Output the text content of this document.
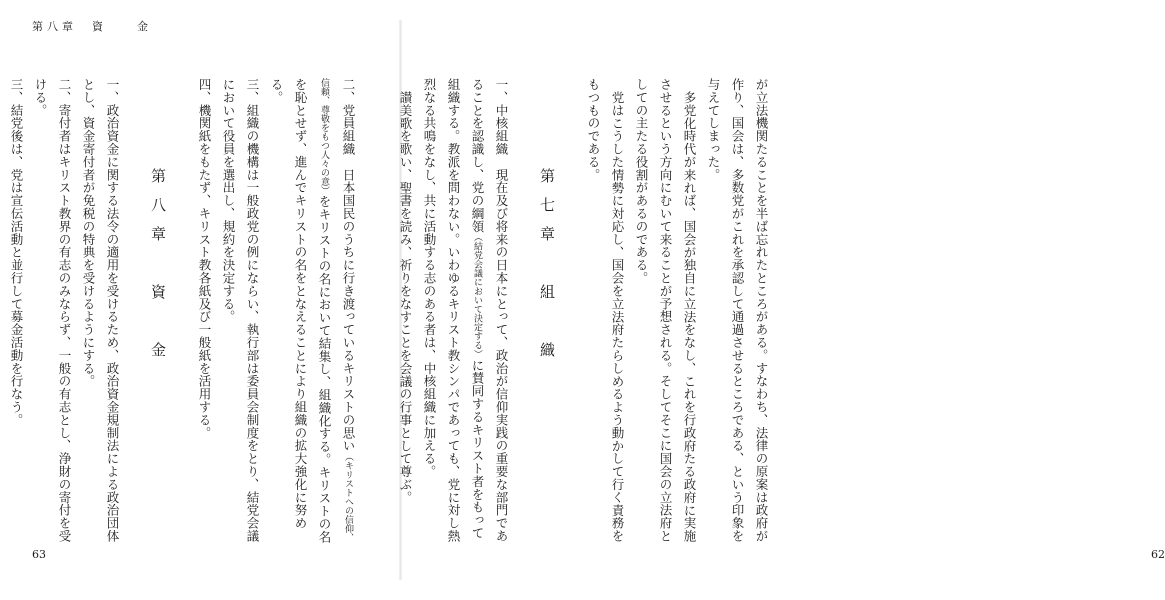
第八章　資　　金
二、党員組織　日本国民のうちに行き渡っているキリストの思い（キリストへの信仰、信頼、尊敬をもつ人々の意）をキリストの名において結集し、組織化する。キリストの名を恥とせず、進んでキリストの名をとなえることにより組織の拡大強化に努める。
三、組織の機構は一般政党の例にならい、執行部は委員会制度をとり、結党会議において役員を選出し、規約を決定する。
四、機関紙をもたず、キリスト教各紙及び一般紙を活用する。
第八章　資　金
一、政治資金に関する法令の適用を受けるため、政治資金規制法による政治団体とし、資金寄付者が免税の特典を受けるようにする。
二、寄付者はキリスト教界の有志のみならず、一般の有志とし、浄財の寄付を受ける。
三、結党後は、党は宣伝活動と並行して募金活動を行なう。
63
が立法機関たることを半ば忘れたところがある。すなわち、法律の原案は政府が作り、国会は、多数党がこれを承認して通過させるところである、という印象を与えてしまった。
多党化時代が来れば、国会が独自に立法をなし、これを行政府たる政府に実施させるという方向にむいて来ることが予想される。そしてそこに国会の立法府としての主たる役割があるのである。
党はこうした情勢に対応し、国会を立法府たらしめるよう動かして行く責務をもつものである。
第七章　組　織
一、中核組織　現在及び将来の日本にとって、政治が信仰実践の重要な部門であることを認識し、党の綱領（結党会議において決定する）に賛同するキリスト者をもって組織する。教派を問わない。いわゆるキリスト教シンパであっても、党に対し熱烈なる共鳴をなし、共に活動する志のある者は、中核組織に加える。
讃美歌を歌い、聖書を読み、祈りをなすことを会議の行事として尊ぶ。
62
